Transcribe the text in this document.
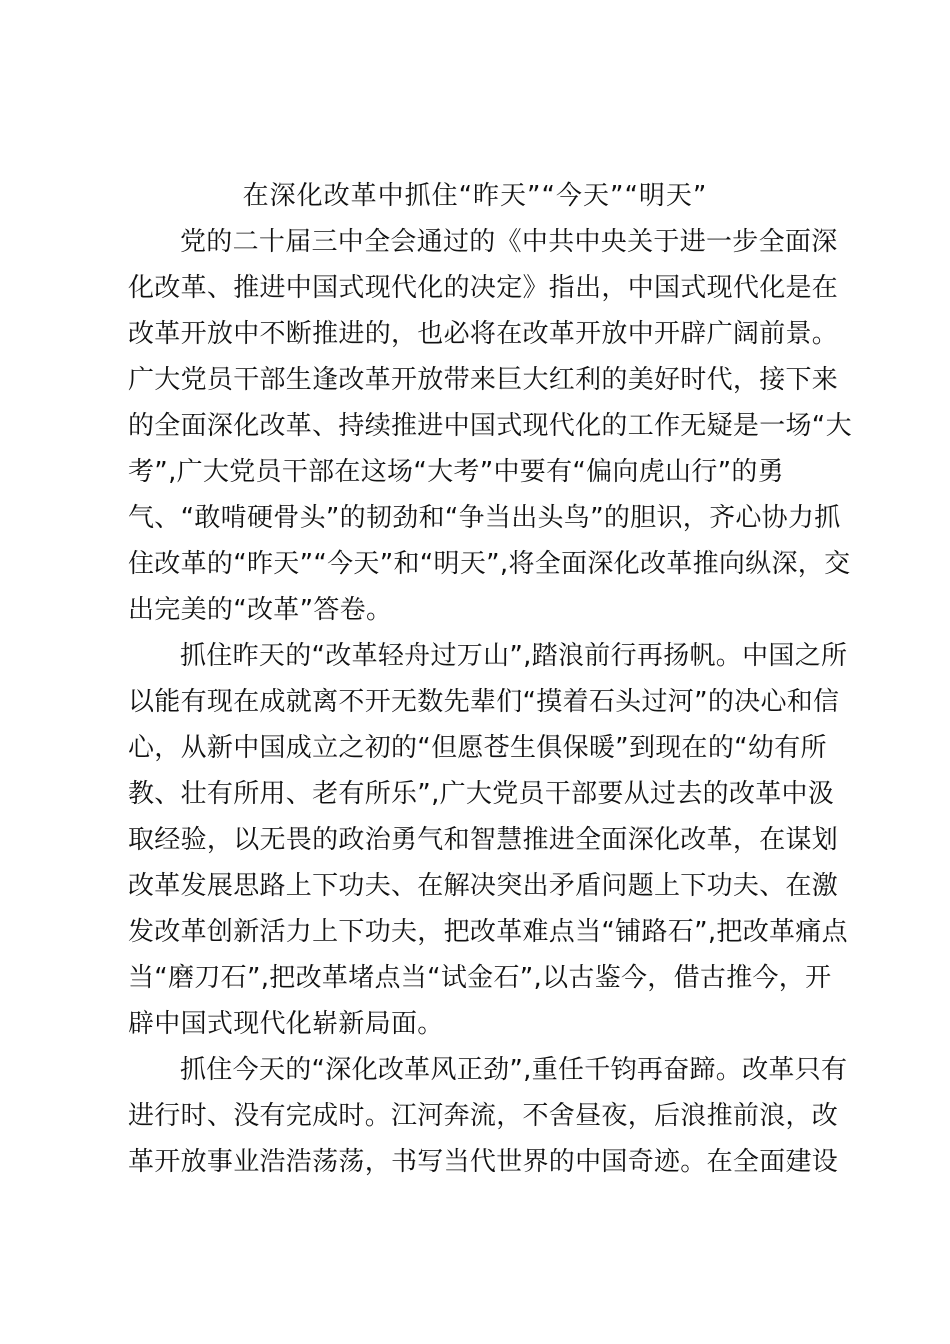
在深化改革中抓住“昨天”“今天”“明天”
党的二十届三中全会通过的《中共中央关于进一步全面深
化改革、推进中国式现代化的决定》指出，中国式现代化是在
改革开放中不断推进的，也必将在改革开放中开辟广阔前景。
广大党员干部生逢改革开放带来巨大红利的美好时代，接下来
的全面深化改革、持续推进中国式现代化的工作无疑是一场“大
考”,广大党员干部在这场“大考”中要有“偏向虎山行”的勇
气、“敢啃硬骨头”的韧劲和“争当出头鸟”的胆识，齐心协力抓
住改革的“昨天”“今天”和“明天”,将全面深化改革推向纵深，交
出完美的“改革”答卷。
抓住昨天的“改革轻舟过万山”,踏浪前行再扬帆。中国之所
以能有现在成就离不开无数先辈们“摸着石头过河”的决心和信
心，从新中国成立之初的“但愿苍生俱保暖”到现在的“幼有所
教、壮有所用、老有所乐”,广大党员干部要从过去的改革中汲
取经验，以无畏的政治勇气和智慧推进全面深化改革，在谋划
改革发展思路上下功夫、在解决突出矛盾问题上下功夫、在激
发改革创新活力上下功夫，把改革难点当“铺路石”,把改革痛点
当“磨刀石”,把改革堵点当“试金石”,以古鉴今，借古推今，开
辟中国式现代化崭新局面。
抓住今天的“深化改革风正劲”,重任千钧再奋蹄。改革只有
进行时、没有完成时。江河奔流，不舍昼夜，后浪推前浪，改
革开放事业浩浩荡荡，书写当代世界的中国奇迹。在全面建设
